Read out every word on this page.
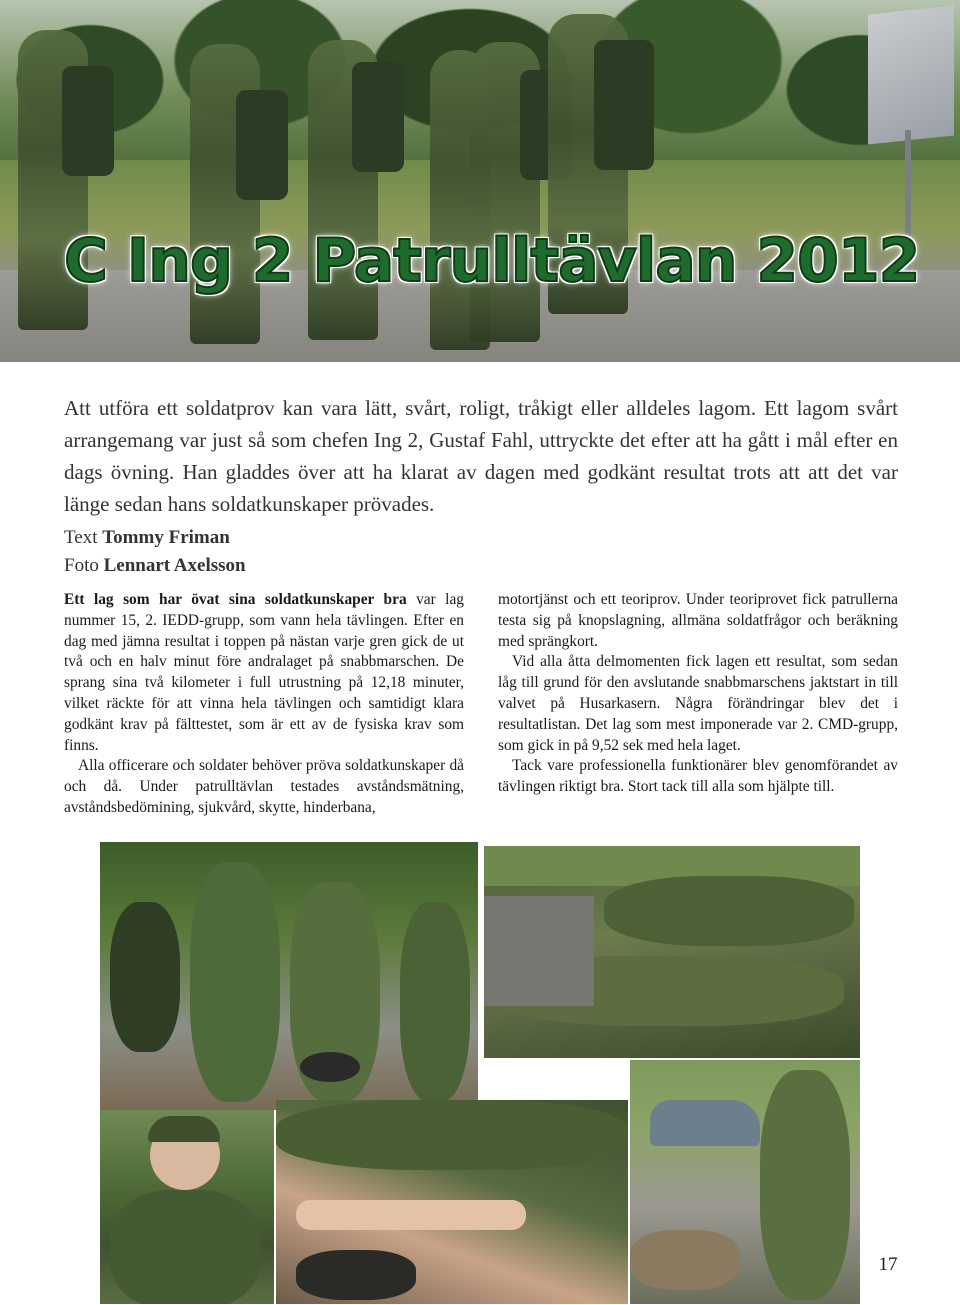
C Ing 2 Patrulltävlan 2012

Att utföra ett soldatprov kan vara lätt, svårt, roligt, tråkigt eller alldeles lagom. Ett lagom svårt arrangemang var just så som chefen Ing 2, Gustaf Fahl, uttryckte det efter att ha gått i mål efter en dags övning. Han gladdes över att ha klarat av dagen med godkänt resultat trots att att det var länge sedan hans soldatkunskaper prövades.

Text Tommy Friman
Foto Lennart Axelsson

Ett lag som har övat sina soldatkunskaper bra var lag nummer 15, 2. IEDD-grupp, som vann hela tävlingen. Efter en dag med jämna resultat i toppen på nästan varje gren gick de ut två och en halv minut före andralaget på snabbmarschen. De sprang sina två kilometer i full utrustning på 12,18 minuter, vilket räckte för att vinna hela tävlingen och samtidigt klara godkänt krav på fälttestet, som är ett av de fysiska krav som finns.

Alla officerare och soldater behöver pröva soldatkunskaper då och då. Under patrulltävlan testades avståndsmätning, avståndsbedömining, sjukvård, skytte, hinderbana,

motortjänst och ett teoriprov. Under teoriprovet fick patrullerna testa sig på knopslagning, allmäna soldatfrågor och beräkning med sprängkort.

Vid alla åtta delmomenten fick lagen ett resultat, som sedan låg till grund för den avslutande snabbmarschens jaktstart in till valvet på Husarkasern. Några förändringar blev det i resultatlistan. Det lag som mest imponerade var 2. CMD-grupp, som gick in på 9,52 sek med hela laget.

Tack vare professionella funktionärer blev genomförandet av tävlingen riktigt bra. Stort tack till alla som hjälpte till.

17
